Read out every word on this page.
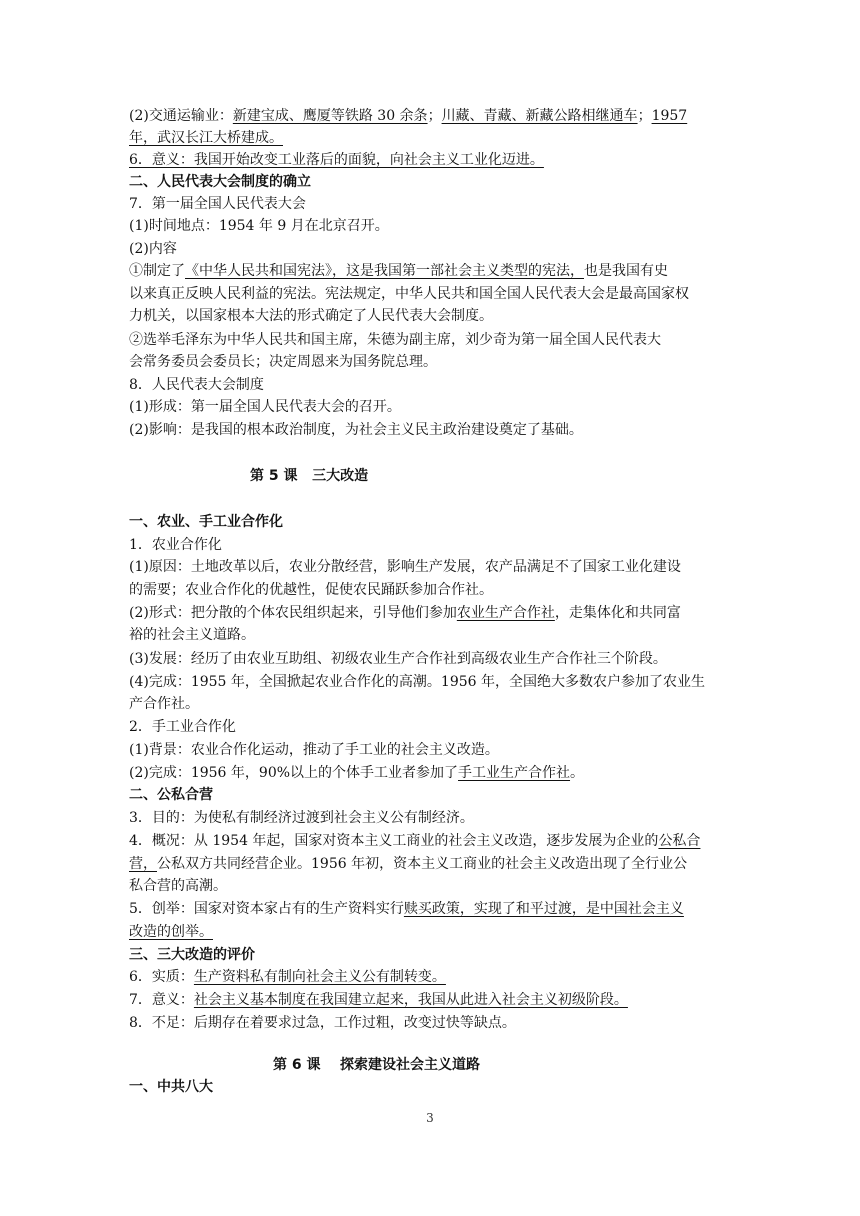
(2)交通运输业：新建宝成、鹰厦等铁路 30 余条；川藏、青藏、新藏公路相继通车；1957
年，武汉长江大桥建成。
6．意义：我国开始改变工业落后的面貌，向社会主义工业化迈进。
二、人民代表大会制度的确立
7．第一届全国人民代表大会
(1)时间地点：1954 年 9 月在北京召开。
(2)内容
①制定了《中华人民共和国宪法》，这是我国第一部社会主义类型的宪法，也是我国有史
以来真正反映人民利益的宪法。宪法规定，中华人民共和国全国人民代表大会是最高国家权
力机关，以国家根本大法的形式确定了人民代表大会制度。
②选举毛泽东为中华人民共和国主席，朱德为副主席，刘少奇为第一届全国人民代表大
会常务委员会委员长；决定周恩来为国务院总理。
8．人民代表大会制度
(1)形成：第一届全国人民代表大会的召开。
(2)影响：是我国的根本政治制度，为社会主义民主政治建设奠定了基础。
第 5 课   三大改造
一、农业、手工业合作化
1．农业合作化
(1)原因：土地改革以后，农业分散经营，影响生产发展，农产品满足不了国家工业化建设
的需要；农业合作化的优越性，促使农民踊跃参加合作社。
(2)形式：把分散的个体农民组织起来，引导他们参加农业生产合作社，走集体化和共同富
裕的社会主义道路。
(3)发展：经历了由农业互助组、初级农业生产合作社到高级农业生产合作社三个阶段。
(4)完成：1955 年，全国掀起农业合作化的高潮。1956 年，全国绝大多数农户参加了农业生
产合作社。
2．手工业合作化
(1)背景：农业合作化运动，推动了手工业的社会主义改造。
(2)完成：1956 年，90%以上的个体手工业者参加了手工业生产合作社。
二、公私合营
3．目的：为使私有制经济过渡到社会主义公有制经济。
4．概况：从 1954 年起，国家对资本主义工商业的社会主义改造，逐步发展为企业的公私合
营，公私双方共同经营企业。1956 年初，资本主义工商业的社会主义改造出现了全行业公
私合营的高潮。
5．创举：国家对资本家占有的生产资料实行赎买政策，实现了和平过渡，是中国社会主义
改造的创举。
三、三大改造的评价
6．实质：生产资料私有制向社会主义公有制转变。
7．意义：社会主义基本制度在我国建立起来，我国从此进入社会主义初级阶段。
8．不足：后期存在着要求过急，工作过粗，改变过快等缺点。
第 6 课    探索建设社会主义道路
一、中共八大
3
